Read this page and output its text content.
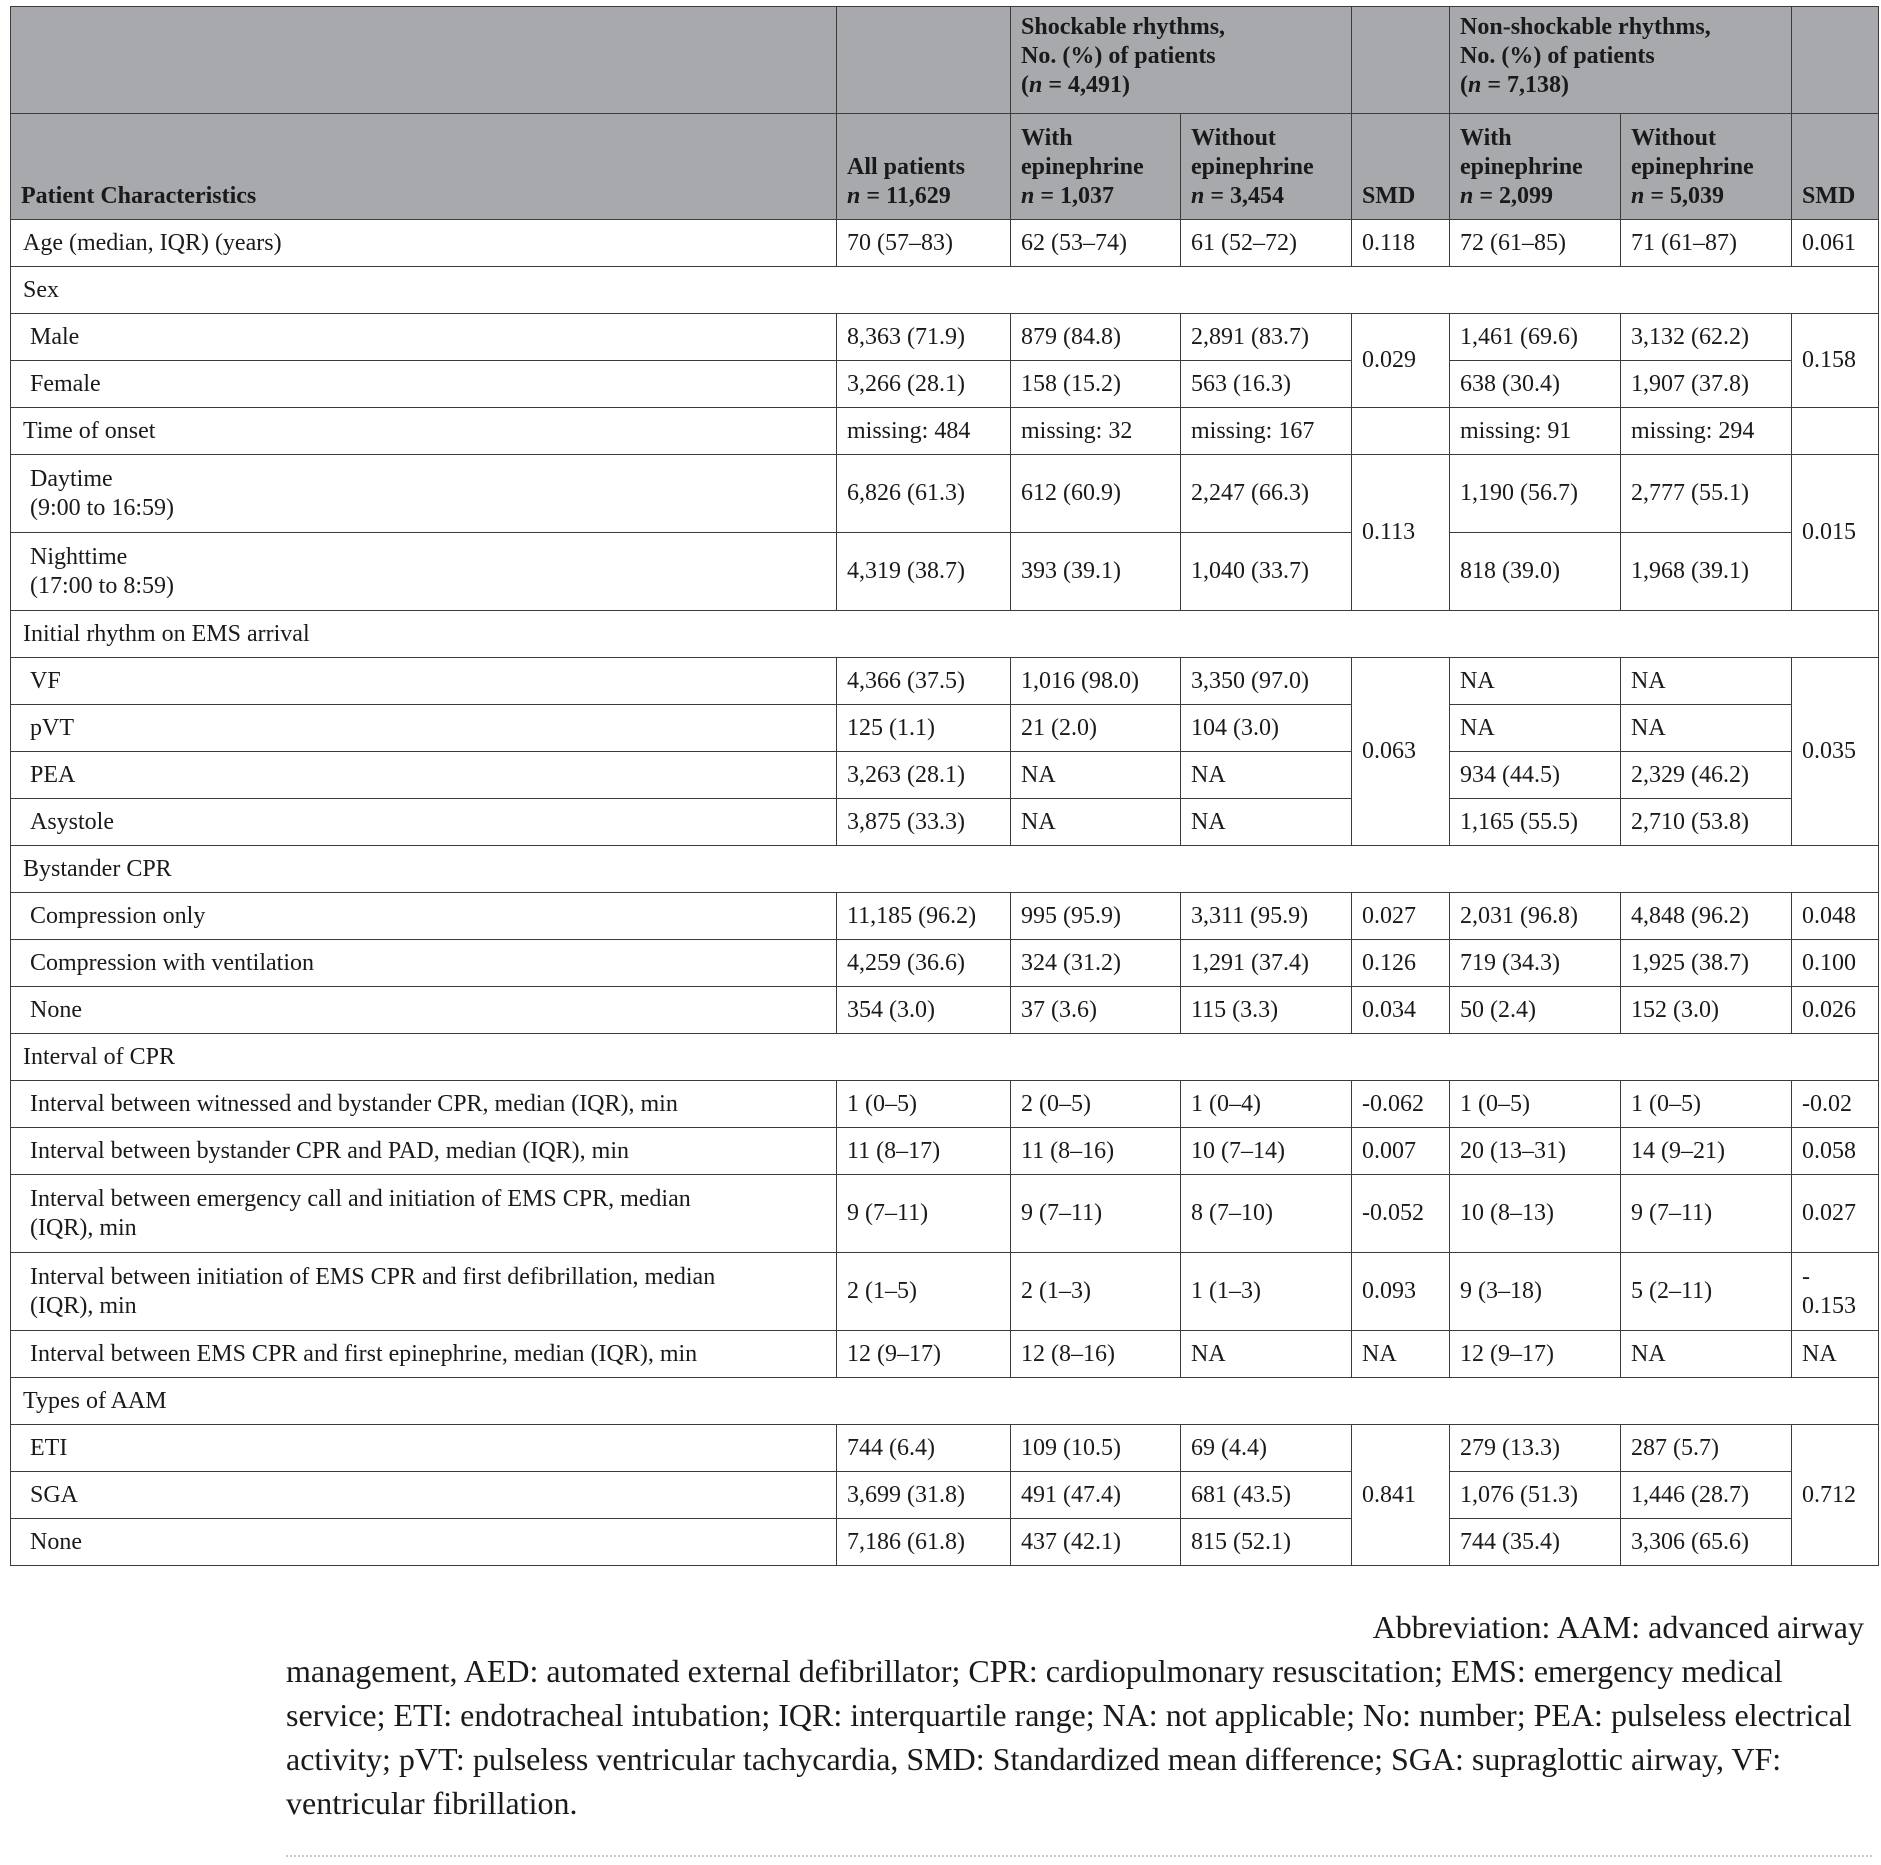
		Shockable rhythms,
No. (%) of patients
(n = 4,491)			Non-shockable rhythms,
No. (%) of patients
(n = 7,138)		

Patient Characteristics	All patients
n = 11,629	With
epinephrine
n = 1,037	Without
epinephrine
n = 3,454	SMD	With
epinephrine
n = 2,099	Without
epinephrine
n = 5,039	SMD
Age (median, IQR) (years)	70 (57–83)	62 (53–74)	61 (52–72)	0.118	72 (61–85)	71 (61–87)	0.061
Sex							
Male	8,363 (71.9)	879 (84.8)	2,891 (83.7)	0.029	1,461 (69.6)	3,132 (62.2)	0.158
Female	3,266 (28.1)	158 (15.2)	563 (16.3)		638 (30.4)	1,907 (37.8)	
Time of onset	missing: 484	missing: 32	missing: 167		missing: 91	missing: 294	
Daytime
(9:00 to 16:59)	6,826 (61.3)	612 (60.9)	2,247 (66.3)	0.113	1,190 (56.7)	2,777 (55.1)	0.015
Nighttime
(17:00 to 8:59)	4,319 (38.7)	393 (39.1)	1,040 (33.7)		818 (39.0)	1,968 (39.1)	
Initial rhythm on EMS arrival							
VF	4,366 (37.5)	1,016 (98.0)	3,350 (97.0)	0.063	NA	NA	0.035
pVT	125 (1.1)	21 (2.0)	104 (3.0)		NA	NA	
PEA	3,263 (28.1)	NA	NA		934 (44.5)	2,329 (46.2)	
Asystole	3,875 (33.3)	NA	NA		1,165 (55.5)	2,710 (53.8)	
Bystander CPR							
Compression only	11,185 (96.2)	995 (95.9)	3,311 (95.9)	0.027	2,031 (96.8)	4,848 (96.2)	0.048
Compression with ventilation	4,259 (36.6)	324 (31.2)	1,291 (37.4)	0.126	719 (34.3)	1,925 (38.7)	0.100
None	354 (3.0)	37 (3.6)	115 (3.3)	0.034	50 (2.4)	152 (3.0)	0.026
Interval of CPR							
Interval between witnessed and bystander CPR, median (IQR), min	1 (0–5)	2 (0–5)	1 (0–4)	-0.062	1 (0–5)	1 (0–5)	-0.02
Interval between bystander CPR and PAD, median (IQR), min	11 (8–17)	11 (8–16)	10 (7–14)	0.007	20 (13–31)	14 (9–21)	0.058
Interval between emergency call and initiation of EMS CPR, median
(IQR), min	9 (7–11)	9 (7–11)	8 (7–10)	-0.052	10 (8–13)	9 (7–11)	0.027
Interval between initiation of EMS CPR and first defibrillation, median
(IQR), min	2 (1–5)	2 (1–3)	1 (1–3)	0.093	9 (3–18)	5 (2–11)	-
0.153
Interval between EMS CPR and first epinephrine, median (IQR), min	12 (9–17)	12 (8–16)	NA	NA	12 (9–17)	NA	NA
Types of AAM							
ETI	744 (6.4)	109 (10.5)	69 (4.4)	0.841	279 (13.3)	287 (5.7)	0.712
SGA	3,699 (31.8)	491 (47.4)	681 (43.5)		1,076 (51.3)	1,446 (28.7)	
None	7,186 (61.8)	437 (42.1)	815 (52.1)		744 (35.4)	3,306 (65.6)	
Abbreviation: AAM: advanced airway
management, AED: automated external defibrillator; CPR: cardiopulmonary resuscitation; EMS: emergency medical service; ETI: endotracheal intubation; IQR: interquartile range; NA: not applicable; No: number; PEA: pulseless electrical activity; pVT: pulseless ventricular tachycardia, SMD: Standardized mean difference; SGA: supraglottic airway, VF: ventricular fibrillation.
